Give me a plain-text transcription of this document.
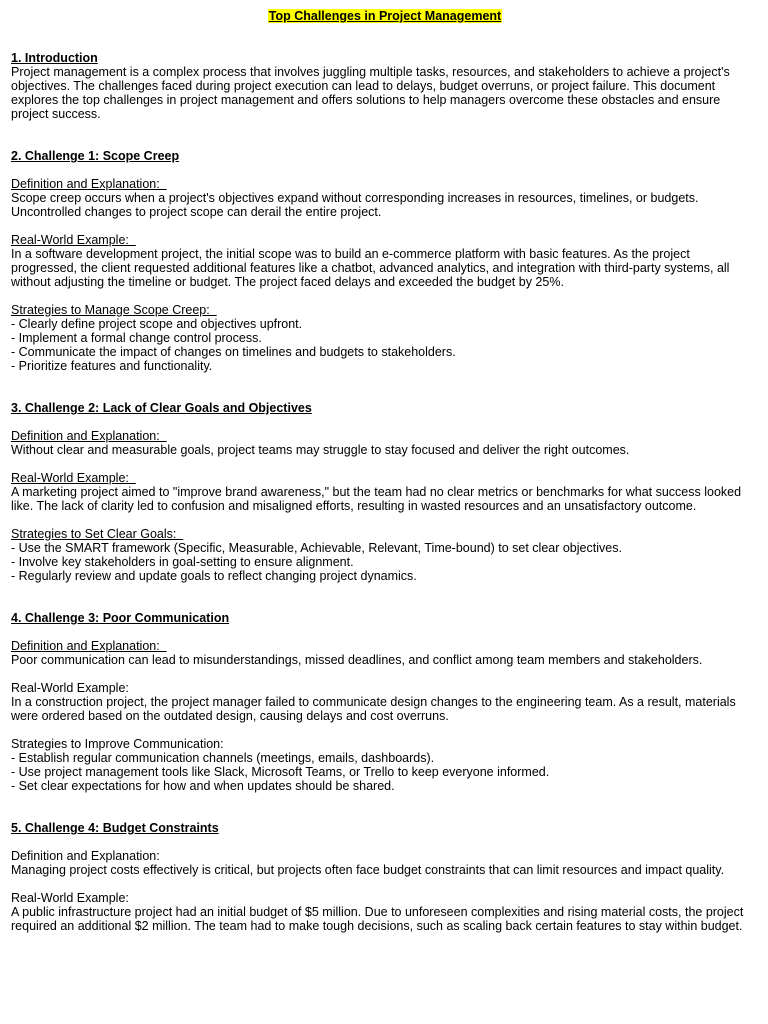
Top Challenges in Project Management
1. Introduction

Project management is a complex process that involves juggling multiple tasks, resources, and stakeholders to achieve a project's objectives. The challenges faced during project execution can lead to delays, budget overruns, or project failure. This document explores the top challenges in project management and offers solutions to help managers overcome these obstacles and ensure project success.

2. Challenge 1: Scope Creep
Definition and Explanation:

Scope creep occurs when a project's objectives expand without corresponding increases in resources, timelines, or budgets. Uncontrolled changes to project scope can derail the entire project.

Real-World Example:

In a software development project, the initial scope was to build an e-commerce platform with basic features. As the project progressed, the client requested additional features like a chatbot, advanced analytics, and integration with third-party systems, all without adjusting the timeline or budget. The project faced delays and exceeded the budget by 25%.

Strategies to Manage Scope Creep:
- Clearly define project scope and objectives upfront.
- Implement a formal change control process.
- Communicate the impact of changes on timelines and budgets to stakeholders.
- Prioritize features and functionality.
3. Challenge 2: Lack of Clear Goals and Objectives
Definition and Explanation:

Without clear and measurable goals, project teams may struggle to stay focused and deliver the right outcomes.

Real-World Example:

A marketing project aimed to "improve brand awareness," but the team had no clear metrics or benchmarks for what success looked like. The lack of clarity led to confusion and misaligned efforts, resulting in wasted resources and an unsatisfactory outcome.

Strategies to Set Clear Goals:
- Use the SMART framework (Specific, Measurable, Achievable, Relevant, Time-bound) to set clear objectives.
- Involve key stakeholders in goal-setting to ensure alignment.
- Regularly review and update goals to reflect changing project dynamics.
4. Challenge 3: Poor Communication
Definition and Explanation:

Poor communication can lead to misunderstandings, missed deadlines, and conflict among team members and stakeholders.

Real-World Example:

In a construction project, the project manager failed to communicate design changes to the engineering team. As a result, materials were ordered based on the outdated design, causing delays and cost overruns.

Strategies to Improve Communication:
- Establish regular communication channels (meetings, emails, dashboards).
- Use project management tools like Slack, Microsoft Teams, or Trello to keep everyone informed.
- Set clear expectations for how and when updates should be shared.
5. Challenge 4: Budget Constraints
Definition and Explanation:

Managing project costs effectively is critical, but projects often face budget constraints that can limit resources and impact quality.

Real-World Example:

A public infrastructure project had an initial budget of $5 million. Due to unforeseen complexities and rising material costs, the project required an additional $2 million. The team had to make tough decisions, such as scaling back certain features to stay within budget.
